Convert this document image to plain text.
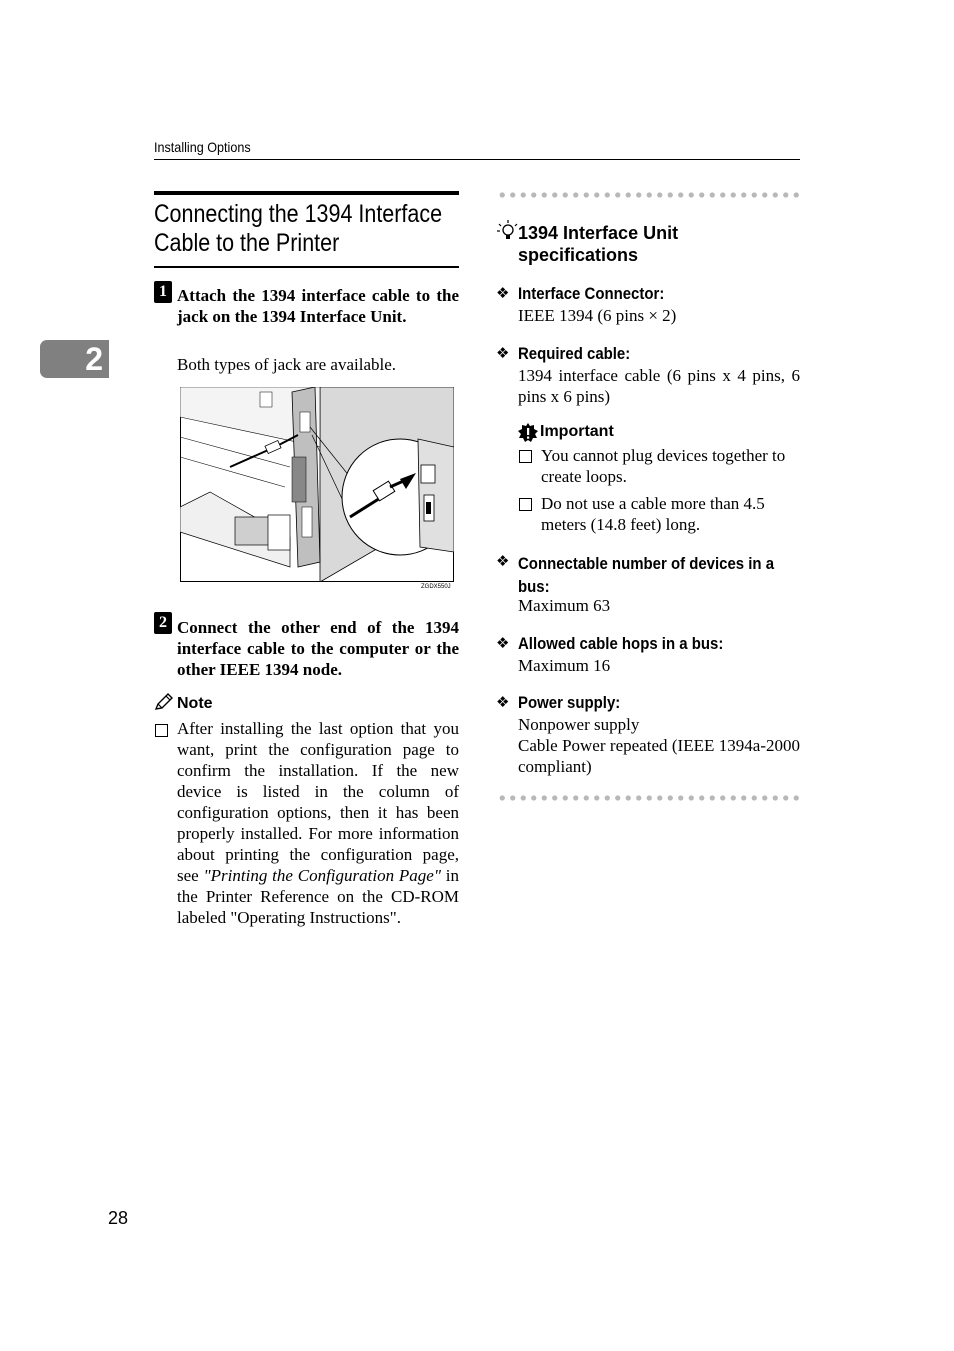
Installing Options
2
Connecting the 1394 Interface
Cable to the Printer
1 Attach the 1394 interface cable to the jack on the 1394 Interface Unit.
Both types of jack are available.
ZGDX550J
2 Connect the other end of the 1394 interface cable to the computer or the other IEEE 1394 node.
Note
After installing the last option that you want, print the configuration page to confirm the installation. If the new device is listed in the column of configuration options, then it has been properly installed. For more information about printing the configuration page, see "Printing the Configuration Page" in the Printer Reference on the CD-ROM labeled "Operating Instructions".
1394 Interface Unit
specifications
❖ Interface Connector:
IEEE 1394 (6 pins × 2)
❖ Required cable:
1394 interface cable (6 pins x 4 pins, 6 pins x 6 pins)
Important
You cannot plug devices together to create loops.
Do not use a cable more than 4.5 meters (14.8 feet) long.
❖ Connectable number of devices in a bus:
Maximum 63
❖ Allowed cable hops in a bus:
Maximum 16
❖ Power supply:
Nonpower supply
Cable Power repeated (IEEE 1394a-2000 compliant)
28
